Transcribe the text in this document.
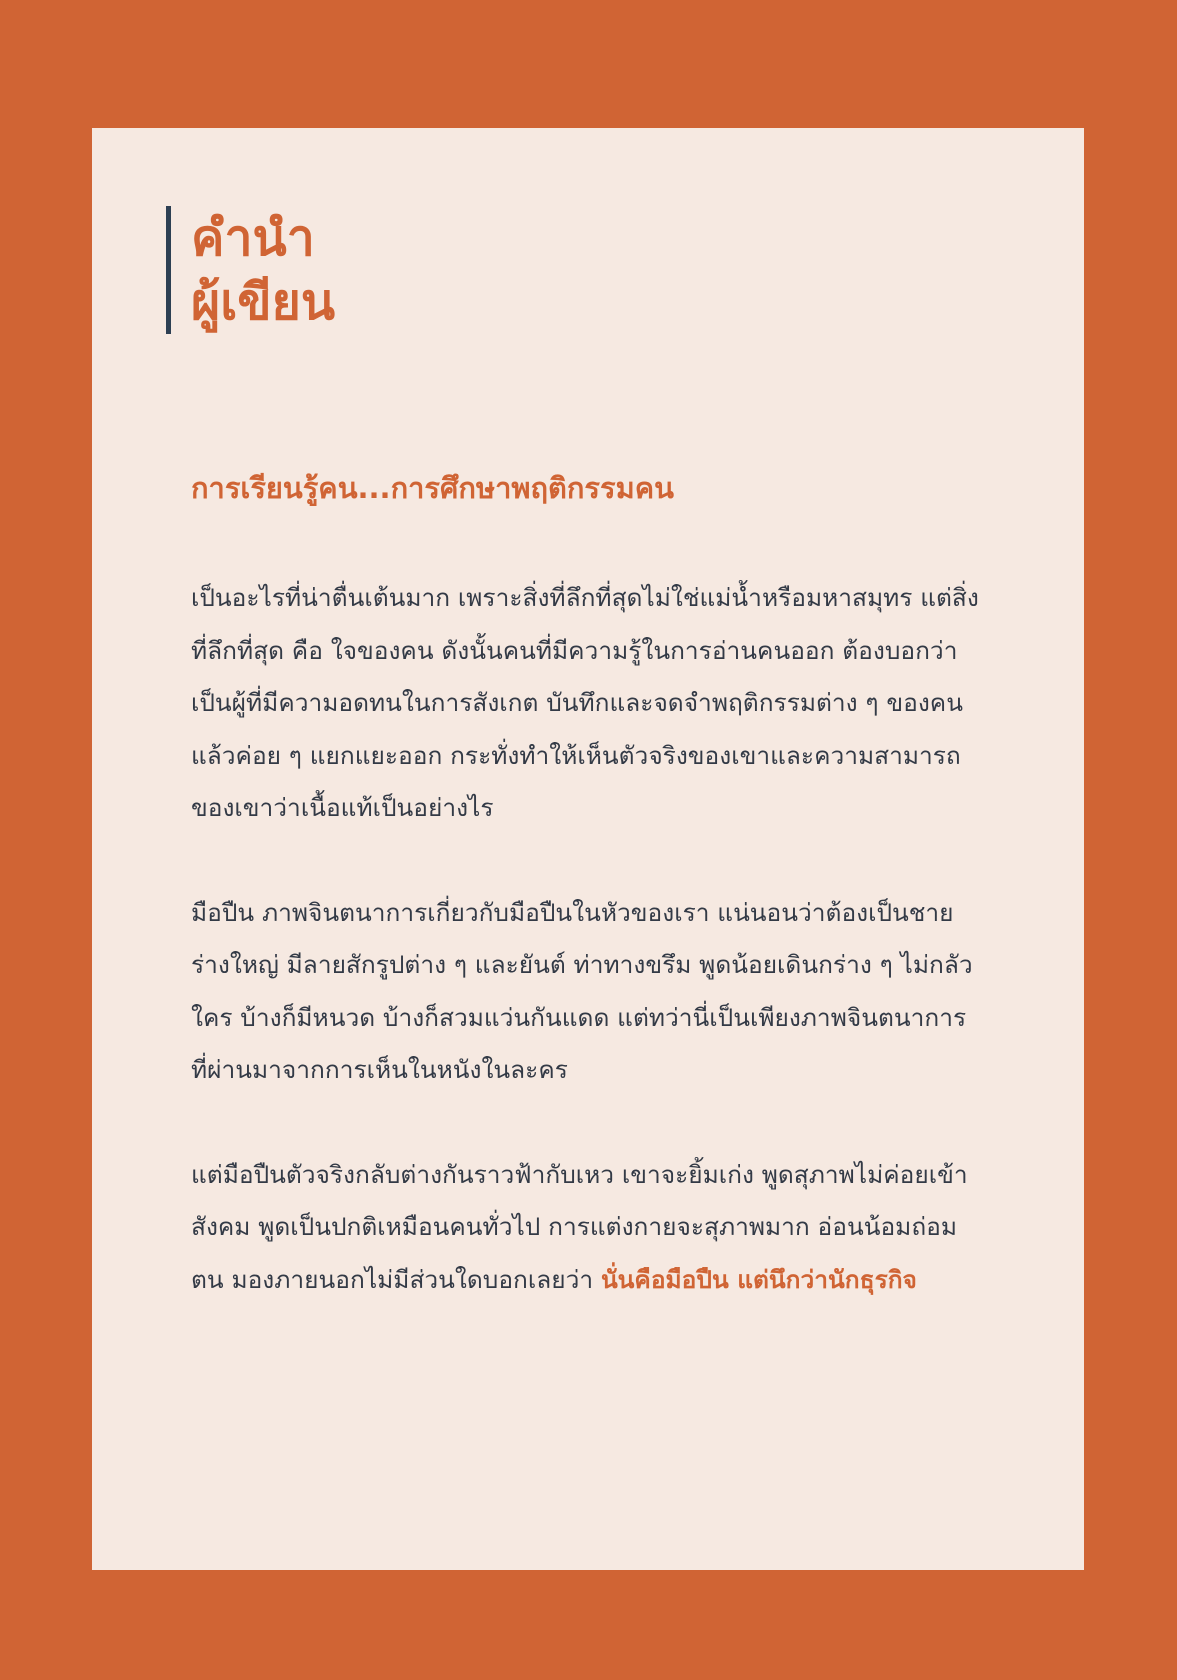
คำนำ
ผู้เขียน
การเรียนรู้คน...การศึกษาพฤติกรรมคน

เป็นอะไรที่น่าตื่นเต้นมาก เพราะสิ่งที่ลึกที่สุดไม่ใช่แม่น้ำหรือมหาสมุทร แต่สิ่งที่ลึกที่สุด คือ ใจของคน ดังนั้นคนที่มีความรู้ในการอ่านคนออก ต้องบอกว่าเป็นผู้ที่มีความอดทนในการสังเกต บันทึกและจดจำพฤติกรรมต่าง ๆ ของคน แล้วค่อย ๆ แยกแยะออก กระทั่งทำให้เห็นตัวจริงของเขาและความสามารถของเขาว่าเนื้อแท้เป็นอย่างไร

มือปืน ภาพจินตนาการเกี่ยวกับมือปืนในหัวของเรา แน่นอนว่าต้องเป็นชายร่างใหญ่ มีลายสักรูปต่าง ๆ และยันต์ ท่าทางขรึม พูดน้อยเดินกร่าง ๆ ไม่กลัวใคร บ้างก็มีหนวด บ้างก็สวมแว่นกันแดด แต่ทว่านี่เป็นเพียงภาพจินตนาการที่ผ่านมาจากการเห็นในหนังในละคร

แต่มือปืนตัวจริงกลับต่างกันราวฟ้ากับเหว เขาจะยิ้มเก่ง พูดสุภาพไม่ค่อยเข้าสังคม พูดเป็นปกติเหมือนคนทั่วไป การแต่งกายจะสุภาพมาก อ่อนน้อมถ่อมตน มองภายนอกไม่มีส่วนใดบอกเลยว่า นั่นคือมือปืน แต่นึกว่านักธุรกิจ
